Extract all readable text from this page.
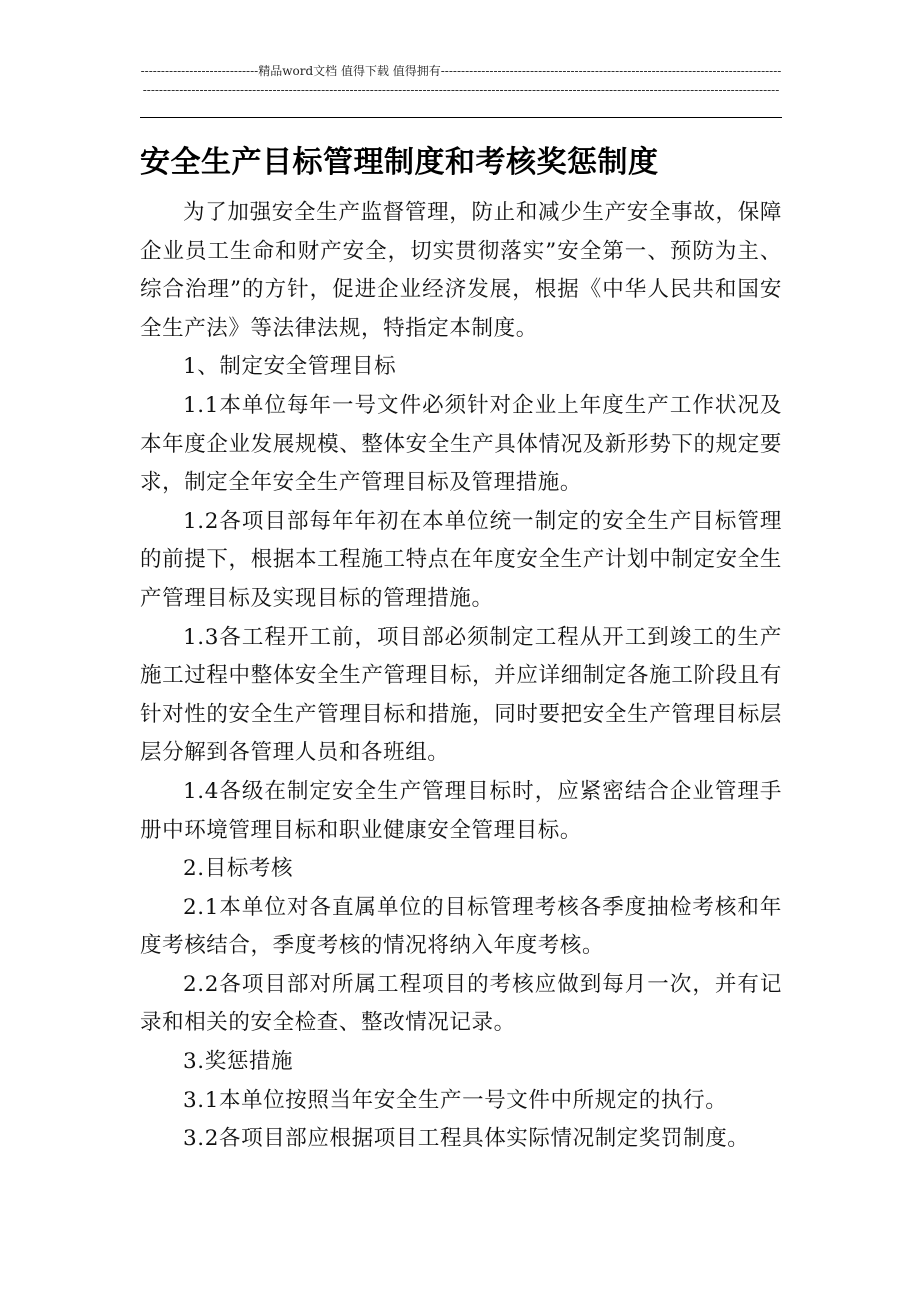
-----------------------------精品word文档 值得下载 值得拥有-------------------------------------------------------------------------------------------------------------------------------------------------------------------------------------------------------------------------------------------------
安全生产目标管理制度和考核奖惩制度

为了加强安全生产监督管理，防止和减少生产安全事故，保障企业员工生命和财产安全，切实贯彻落实”安全第一、预防为主、综合治理”的方针，促进企业经济发展，根据《中华人民共和国安全生产法》等法律法规，特指定本制度。

1、制定安全管理目标

1.1本单位每年一号文件必须针对企业上年度生产工作状况及本年度企业发展规模、整体安全生产具体情况及新形势下的规定要求，制定全年安全生产管理目标及管理措施。

1.2各项目部每年年初在本单位统一制定的安全生产目标管理的前提下，根据本工程施工特点在年度安全生产计划中制定安全生产管理目标及实现目标的管理措施。

1.3各工程开工前，项目部必须制定工程从开工到竣工的生产施工过程中整体安全生产管理目标，并应详细制定各施工阶段且有针对性的安全生产管理目标和措施，同时要把安全生产管理目标层层分解到各管理人员和各班组。

1.4各级在制定安全生产管理目标时，应紧密结合企业管理手册中环境管理目标和职业健康安全管理目标。

2.目标考核

2.1本单位对各直属单位的目标管理考核各季度抽检考核和年度考核结合，季度考核的情况将纳入年度考核。

2.2各项目部对所属工程项目的考核应做到每月一次，并有记录和相关的安全检查、整改情况记录。

3.奖惩措施

3.1本单位按照当年安全生产一号文件中所规定的执行。

3.2各项目部应根据项目工程具体实际情况制定奖罚制度。
